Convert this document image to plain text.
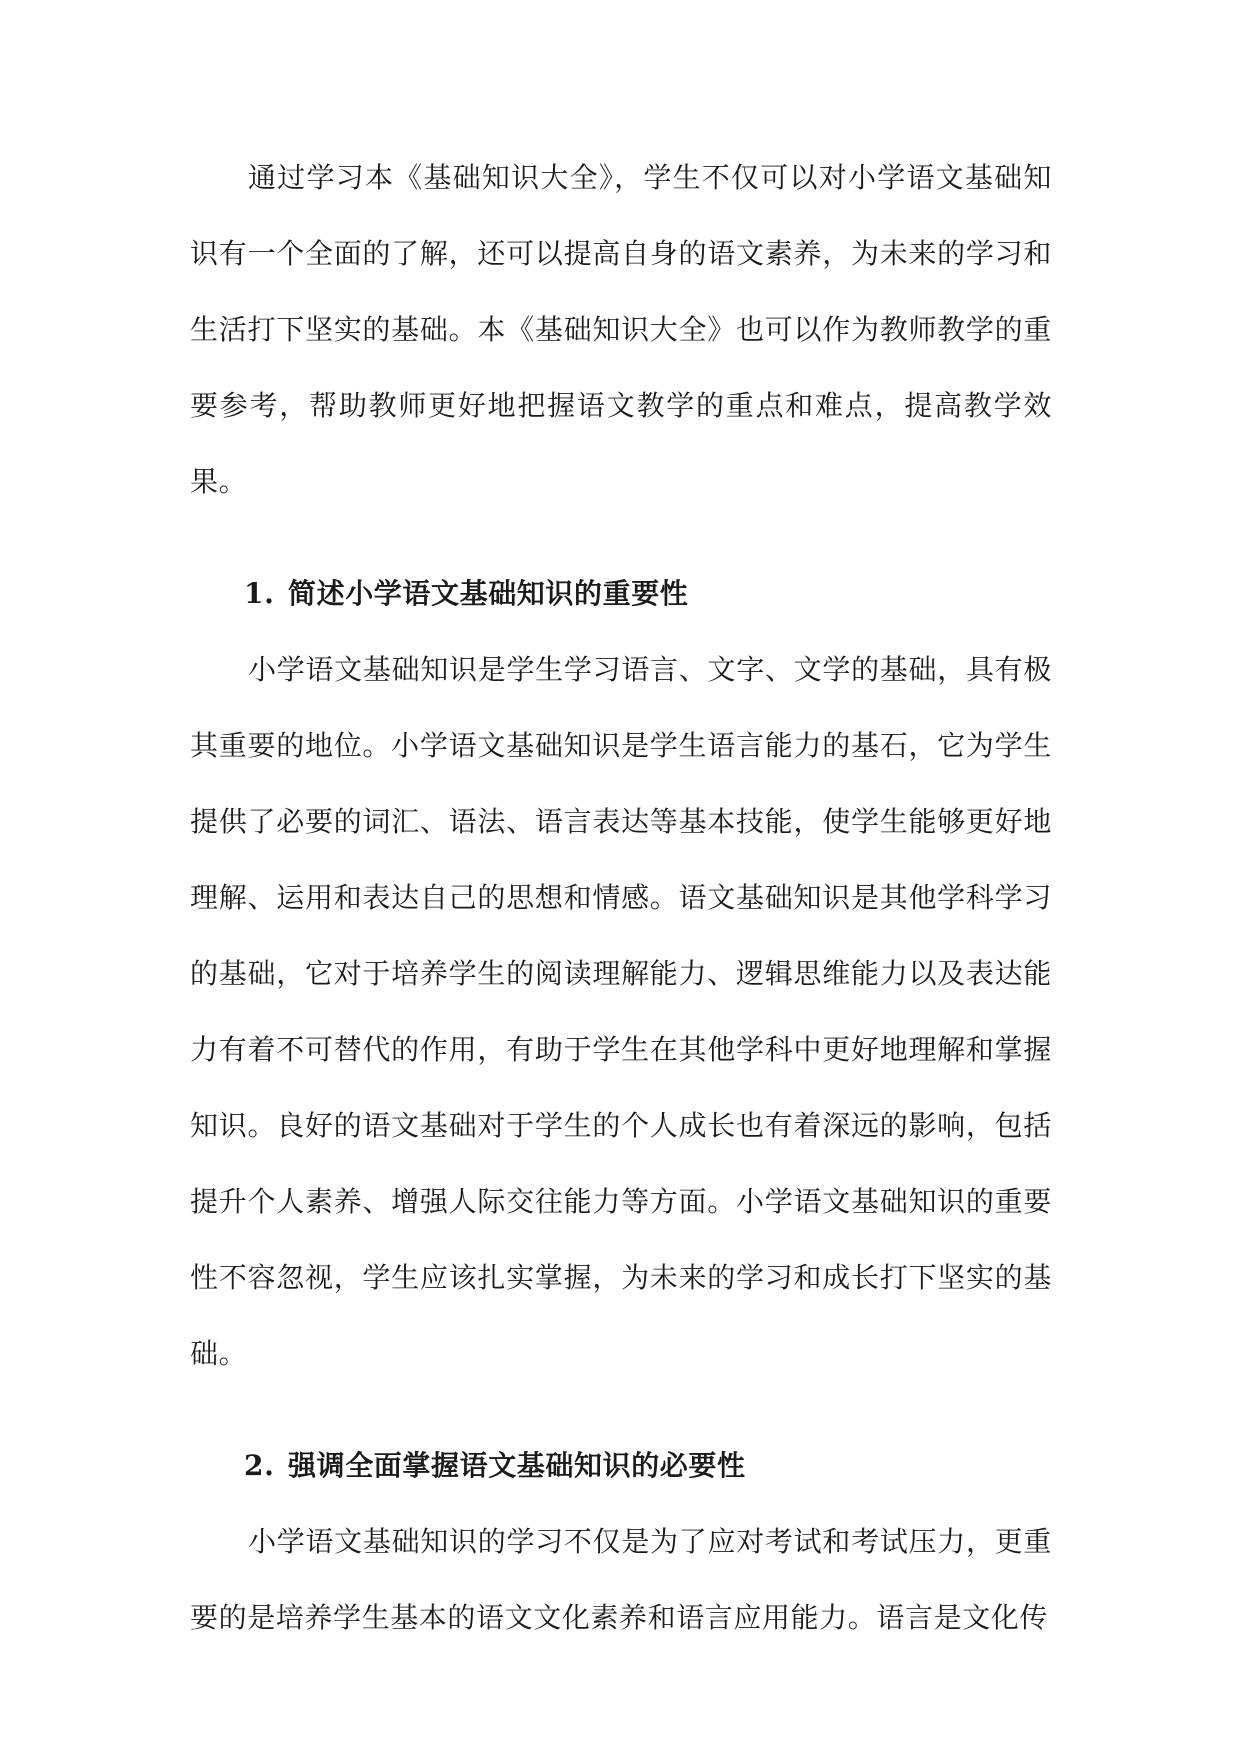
通过学习本《基础知识大全》，学生不仅可以对小学语文基础知识有一个全面的了解，还可以提高自身的语文素养，为未来的学习和生活打下坚实的基础。本《基础知识大全》也可以作为教师教学的重要参考，帮助教师更好地把握语文教学的重点和难点，提高教学效果。

1. 简述小学语文基础知识的重要性

小学语文基础知识是学生学习语言、文字、文学的基础，具有极其重要的地位。小学语文基础知识是学生语言能力的基石，它为学生提供了必要的词汇、语法、语言表达等基本技能，使学生能够更好地理解、运用和表达自己的思想和情感。语文基础知识是其他学科学习的基础，它对于培养学生的阅读理解能力、逻辑思维能力以及表达能力有着不可替代的作用，有助于学生在其他学科中更好地理解和掌握知识。良好的语文基础对于学生的个人成长也有着深远的影响，包括提升个人素养、增强人际交往能力等方面。小学语文基础知识的重要性不容忽视，学生应该扎实掌握，为未来的学习和成长打下坚实的基础。

2. 强调全面掌握语文基础知识的必要性

小学语文基础知识的学习不仅是为了应对考试和考试压力，更重要的是培养学生基本的语文文化素养和语言应用能力。语言是文化传
